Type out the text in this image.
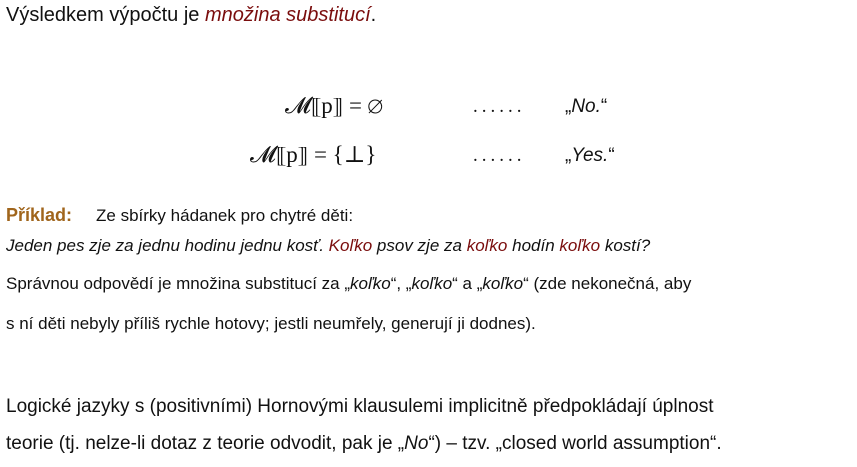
Výsledkem výpočtu je množina substitucí.
𝓜⟦p⟧ = ∅	...... „No.“
𝓜⟦p⟧ = {⊥}	...... „Yes.“
Příklad: Ze sbírky hádanek pro chytré děti:
Jeden pes zje za jednu hodinu jednu kosť. Koľko psov zje za koľko hodín koľko kostí?
Správnou odpovědí je množina substitucí za „koľko“, „koľko“ a „koľko“ (zde nekonečná, aby
s ní děti nebyly příliš rychle hotovy; jestli neumřely, generují ji dodnes).
Logické jazyky s (positivními) Hornovými klausulemi implicitně předpokládají úplnost
teorie (tj. nelze-li dotaz z teorie odvodit, pak je „No“) – tzv. „closed world assumption“.
